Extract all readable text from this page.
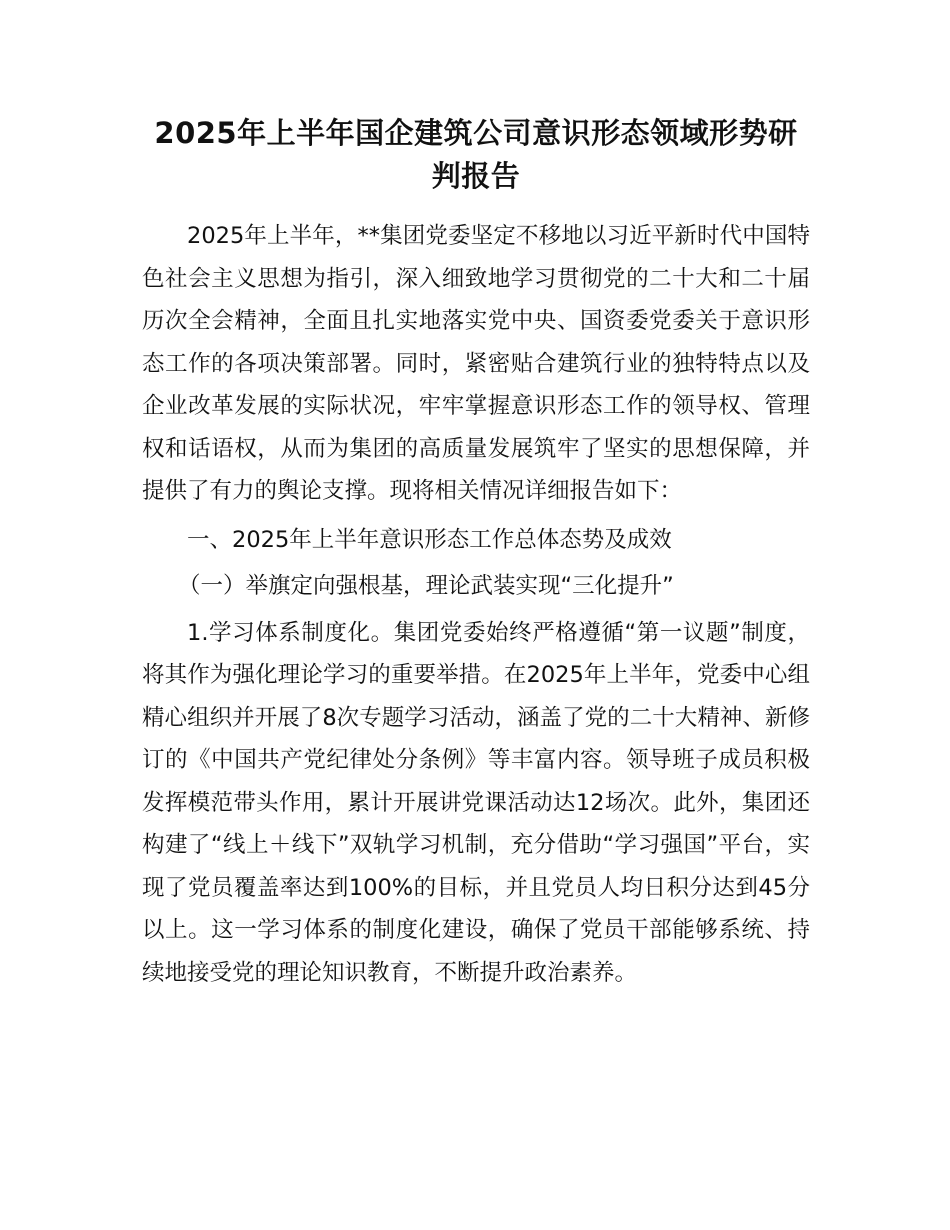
2025年上半年国企建筑公司意识形态领域形势研判报告

2025年上半年，**集团党委坚定不移地以习近平新时代中国特色社会主义思想为指引，深入细致地学习贯彻党的二十大和二十届历次全会精神，全面且扎实地落实党中央、国资委党委关于意识形态工作的各项决策部署。同时，紧密贴合建筑行业的独特特点以及企业改革发展的实际状况，牢牢掌握意识形态工作的领导权、管理权和话语权，从而为集团的高质量发展筑牢了坚实的思想保障，并提供了有力的舆论支撑。现将相关情况详细报告如下：

一、2025年上半年意识形态工作总体态势及成效

（一）举旗定向强根基，理论武装实现“三化提升”

1.学习体系制度化。集团党委始终严格遵循“第一议题”制度，将其作为强化理论学习的重要举措。在2025年上半年，党委中心组精心组织并开展了8次专题学习活动，涵盖了党的二十大精神、新修订的《中国共产党纪律处分条例》等丰富内容。领导班子成员积极发挥模范带头作用，累计开展讲党课活动达12场次。此外，集团还构建了“线上＋线下”双轨学习机制，充分借助“学习强国”平台，实现了党员覆盖率达到100%的目标，并且党员人均日积分达到45分以上。这一学习体系的制度化建设，确保了党员干部能够系统、持续地接受党的理论知识教育，不断提升政治素养。
